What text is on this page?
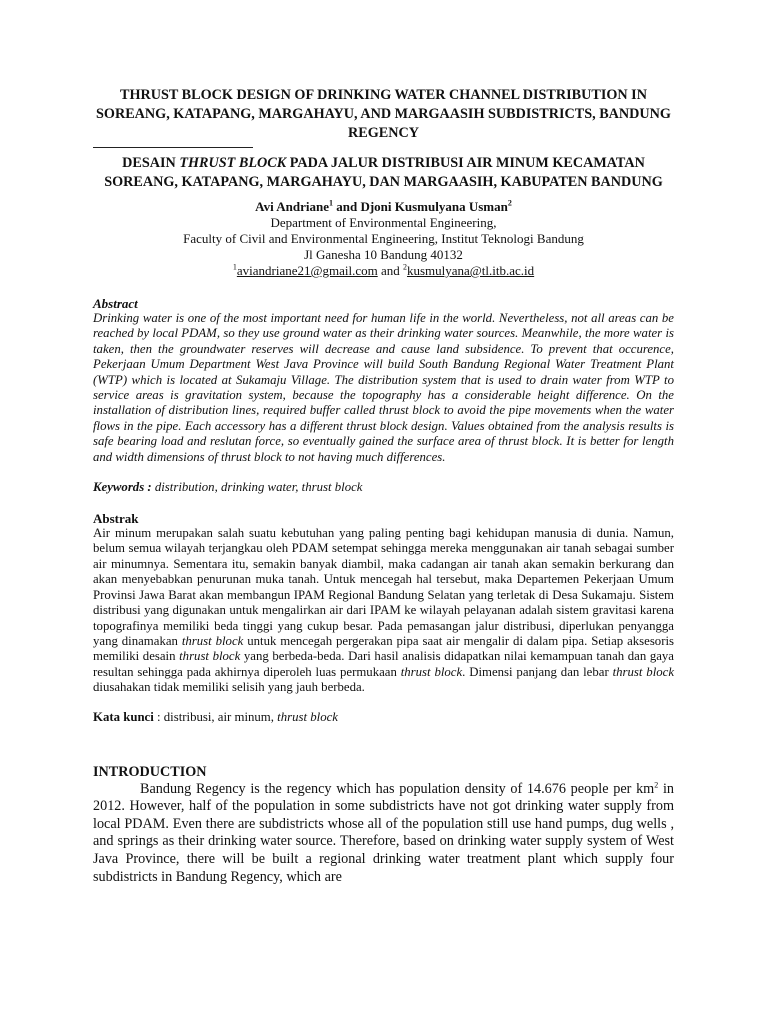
THRUST BLOCK DESIGN OF DRINKING WATER CHANNEL DISTRIBUTION IN SOREANG, KATAPANG, MARGAHAYU, AND MARGAASIH SUBDISTRICTS, BANDUNG REGENCY

DESAIN THRUST BLOCK PADA JALUR DISTRIBUSI AIR MINUM KECAMATAN SOREANG, KATAPANG, MARGAHAYU, DAN MARGAASIH, KABUPATEN BANDUNG

Avi Andriane$^1$ and Djoni Kusmulyana Usman$^2$
Department of Environmental Engineering,
Faculty of Civil and Environmental Engineering, Institut Teknologi Bandung
Jl Ganesha 10 Bandung 40132
$^1$aviandriane21@gmail.com and $^2$kusmulyana@tl.itb.ac.id
Abstract

Drinking water is one of the most important need for human life in the world. Nevertheless, not all areas can be reached by local PDAM, so they use ground water as their drinking water sources. Meanwhile, the more water is taken, then the groundwater reserves will decrease and cause land subsidence. To prevent that occurence, Pekerjaan Umum Department West Java Province will build South Bandung Regional Water Treatment Plant (WTP) which is located at Sukamaju Village. The distribution system that is used to drain water from WTP to service areas is gravitation system, because the topography has a considerable height difference. On the installation of distribution lines, required buffer called thrust block to avoid the pipe movements when the water flows in the pipe. Each accessory has a different thrust block design. Values obtained from the analysis results is safe bearing load and reslutan force, so eventually gained the surface area of thrust block. It is better for length and width dimensions of thrust block to not having much differences.

Keywords : distribution, drinking water, thrust block
Abstrak

Air minum merupakan salah suatu kebutuhan yang paling penting bagi kehidupan manusia di dunia. Namun, belum semua wilayah terjangkau oleh PDAM setempat sehingga mereka menggunakan air tanah sebagai sumber air minumnya. Sementara itu, semakin banyak diambil, maka cadangan air tanah akan semakin berkurang dan akan menyebabkan penurunan muka tanah. Untuk mencegah hal tersebut, maka Departemen Pekerjaan Umum Provinsi Jawa Barat akan membangun IPAM Regional Bandung Selatan yang terletak di Desa Sukamaju. Sistem distribusi yang digunakan untuk mengalirkan air dari IPAM ke wilayah pelayanan adalah sistem gravitasi karena topografinya memiliki beda tinggi yang cukup besar. Pada pemasangan jalur distribusi, diperlukan penyangga yang dinamakan thrust block untuk mencegah pergerakan pipa saat air mengalir di dalam pipa. Setiap aksesoris memiliki desain thrust block yang berbeda-beda. Dari hasil analisis didapatkan nilai kemampuan tanah dan gaya resultan sehingga pada akhirnya diperoleh luas permukaan thrust block. Dimensi panjang dan lebar thrust block diusahakan tidak memiliki selisih yang jauh berbeda.

Kata kunci : distribusi, air minum, thrust block
INTRODUCTION

Bandung Regency is the regency which has population density of 14.676 people per $km^2$ in 2012. However, half of the population in some subdistricts have not got drinking water supply from local PDAM. Even there are subdistricts whose all of the population still use hand pumps, dug wells , and springs as their drinking water source. Therefore, based on drinking water supply system of West Java Province, there will be built a regional drinking water treatment plant which supply four subdistricts in Bandung Regency, which are
